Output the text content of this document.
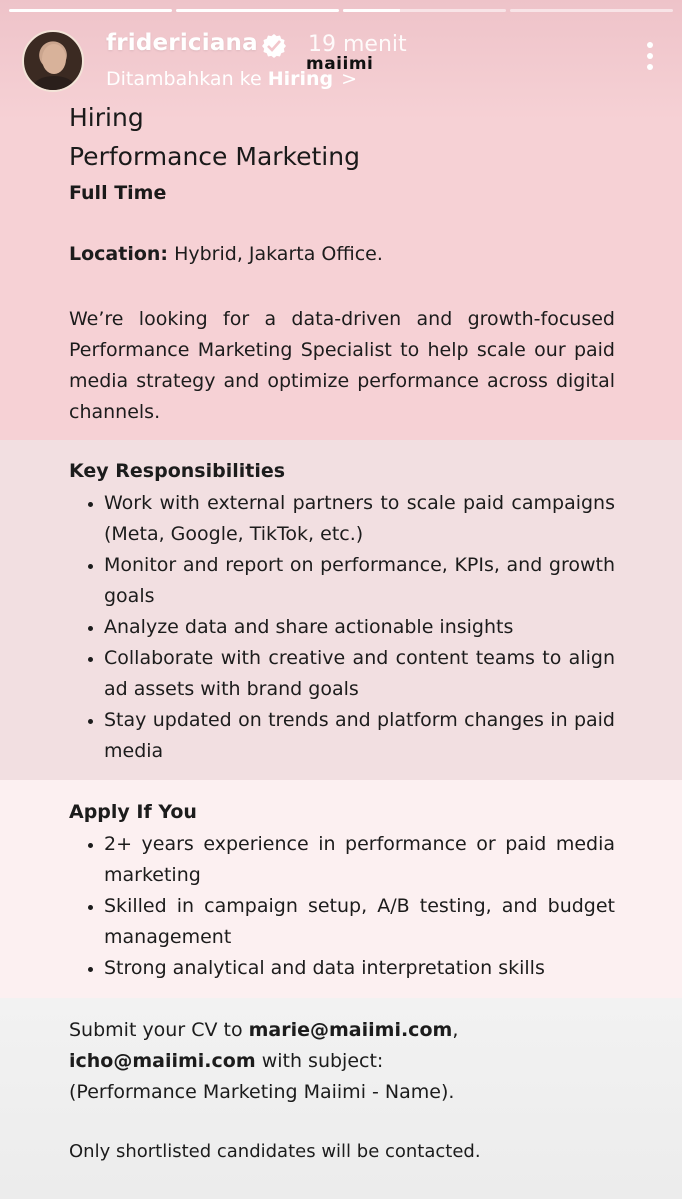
fridericiana 19 menit
maiimi
Ditambahkan ke Hiring >
Hiring
Performance Marketing
Full Time
Location: Hybrid, Jakarta Office.
We’re looking for a data-driven and growth-focused Performance Marketing Specialist to help scale our paid media strategy and optimize performance across digital channels.
Key Responsibilities
Work with external partners to scale paid campaigns (Meta, Google, TikTok, etc.)
Monitor and report on performance, KPIs, and growth goals
Analyze data and share actionable insights
Collaborate with creative and content teams to align ad assets with brand goals
Stay updated on trends and platform changes in paid media
Apply If You
2+ years experience in performance or paid media marketing
Skilled in campaign setup, A/B testing, and budget management
Strong analytical and data interpretation skills
Submit your CV to marie@maiimi.com,
icho@maiimi.com with subject:
(Performance Marketing Maiimi - Name).
Only shortlisted candidates will be contacted.
